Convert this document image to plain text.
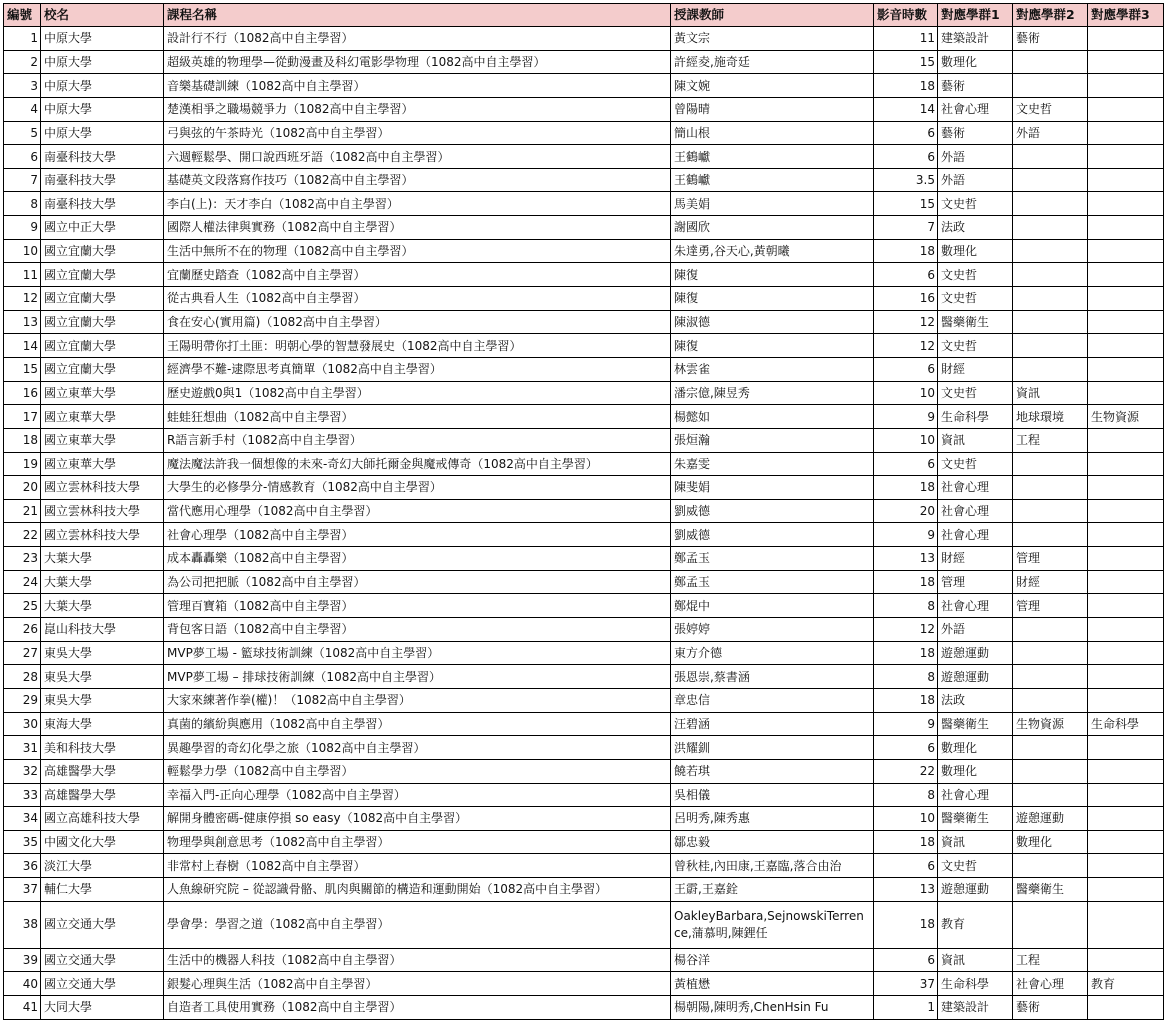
編號	校名	課程名稱	授課教師	影音時數	對應學群1	對應學群2	對應學群3
1	中原大學	設計行不行（1082高中自主學習）	黃文宗	11	建築設計	藝術	
2	中原大學	超級英雄的物理學—從動漫畫及科幻電影學物理（1082高中自主學習）	許經夌,施奇廷	15	數理化		
3	中原大學	音樂基礎訓練（1082高中自主學習）	陳文婉	18	藝術		
4	中原大學	楚漢相爭之職場競爭力（1082高中自主學習）	曾陽晴	14	社會心理	文史哲	
5	中原大學	弓與弦的午茶時光（1082高中自主學習）	簡山根	6	藝術	外語	
6	南臺科技大學	六週輕鬆學、開口說西班牙語（1082高中自主學習）	王鶴巘	6	外語		
7	南臺科技大學	基礎英文段落寫作技巧（1082高中自主學習）	王鶴巘	3.5	外語		
8	南臺科技大學	李白(上)：天才李白（1082高中自主學習）	馬美娟	15	文史哲		
9	國立中正大學	國際人權法律與實務（1082高中自主學習）	謝國欣	7	法政		
10	國立宜蘭大學	生活中無所不在的物理（1082高中自主學習）	朱達勇,谷天心,黃朝曦	18	數理化		
11	國立宜蘭大學	宜蘭歷史踏查（1082高中自主學習）	陳復	6	文史哲		
12	國立宜蘭大學	從古典看人生（1082高中自主學習）	陳復	16	文史哲		
13	國立宜蘭大學	食在安心(實用篇)（1082高中自主學習）	陳淑德	12	醫藥衛生		
14	國立宜蘭大學	王陽明帶你打土匪：明朝心學的智慧發展史（1082高中自主學習）	陳復	12	文史哲		
15	國立宜蘭大學	經濟學不難-逮際思考真簡單（1082高中自主學習）	林雲雀	6	財經		
16	國立東華大學	歷史遊戲0與1（1082高中自主學習）	潘宗億,陳昱秀	10	文史哲	資訊	
17	國立東華大學	蛙蛙狂想曲（1082高中自主學習）	楊懿如	9	生命科學	地球環境	生物資源
18	國立東華大學	R語言新手村（1082高中自主學習）	張烜瀚	10	資訊	工程	
19	國立東華大學	魔法魔法許我一個想像的未來-奇幻大師托爾金與魔戒傳奇（1082高中自主學習）	朱嘉雯	6	文史哲		
20	國立雲林科技大學	大學生的必修學分-情感教育（1082高中自主學習）	陳斐娟	18	社會心理		
21	國立雲林科技大學	當代應用心理學（1082高中自主學習）	劉威德	20	社會心理		
22	國立雲林科技大學	社會心理學（1082高中自主學習）	劉威德	9	社會心理		
23	大葉大學	成本轟轟樂（1082高中自主學習）	鄭孟玉	13	財經	管理	
24	大葉大學	為公司把把脈（1082高中自主學習）	鄭孟玉	18	管理	財經	
25	大葉大學	管理百寶箱（1082高中自主學習）	鄭焜中	8	社會心理	管理	
26	崑山科技大學	背包客日語（1082高中自主學習）	張婷婷	12	外語		
27	東吳大學	MVP夢工場 - 籃球技術訓練（1082高中自主學習）	東方介德	18	遊憩運動		
28	東吳大學	MVP夢工場 – 排球技術訓練（1082高中自主學習）	張恩崇,蔡書涵	8	遊憩運動		
29	東吳大學	大家來練著作拳(權)！（1082高中自主學習）	章忠信	18	法政		
30	東海大學	真菌的繽紛與應用（1082高中自主學習）	汪碧涵	9	醫藥衛生	生物資源	生命科學
31	美和科技大學	異趣學習的奇幻化學之旅（1082高中自主學習）	洪耀釧	6	數理化		
32	高雄醫學大學	輕鬆學力學（1082高中自主學習）	饒若琪	22	數理化		
33	高雄醫學大學	幸福入門-正向心理學（1082高中自主學習）	吳相儀	8	社會心理		
34	國立高雄科技大學	解開身體密碼-健康停損 so easy（1082高中自主學習）	呂明秀,陳秀惠	10	醫藥衛生	遊憩運動	
35	中國文化大學	物理學與創意思考（1082高中自主學習）	鄒忠毅	18	資訊	數理化	
36	淡江大學	非常村上春樹（1082高中自主學習）	曾秋桂,內田康,王嘉臨,落合由治	6	文史哲		
37	輔仁大學	人魚線研究院 – 從認識骨骼、肌肉與關節的構造和運動開始（1082高中自主學習）	王霨,王嘉銓	13	遊憩運動	醫藥衛生	
38	國立交通大學	學會學：學習之道（1082高中自主學習）	OakleyBarbara,SejnowskiTerrence,蒲慕明,陳鋰任	18	教育		
39	國立交通大學	生活中的機器人科技（1082高中自主學習）	楊谷洋	6	資訊	工程	
40	國立交通大學	銀髮心理與生活（1082高中自主學習）	黃植懋	37	生命科學	社會心理	教育
41	大同大學	自造者工具使用實務（1082高中自主學習）	楊朝陽,陳明秀,ChenHsin Fu	1	建築設計	藝術	
